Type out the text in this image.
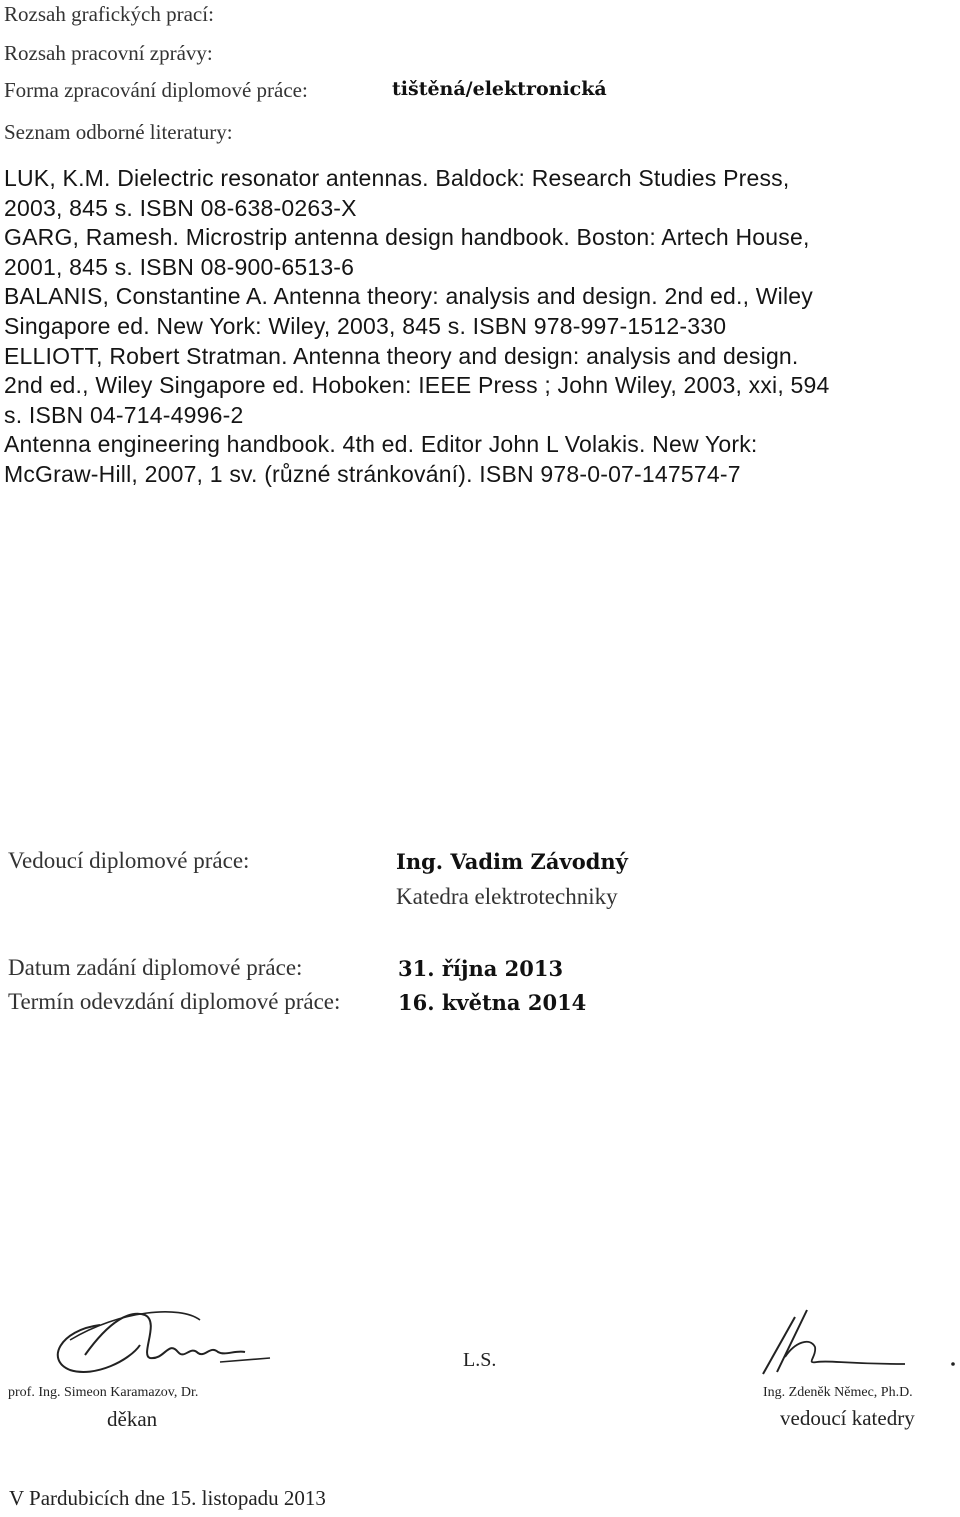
Rozsah grafických prací:
Rozsah pracovní zprávy:
Forma zpracování diplomové práce:	tištěná/elektronická
Seznam odborné literatury:
LUK, K.M. Dielectric resonator antennas. Baldock: Research Studies Press,
2003, 845 s. ISBN 08-638-0263-X
GARG, Ramesh. Microstrip antenna design handbook. Boston: Artech House,
2001, 845 s. ISBN 08-900-6513-6
BALANIS, Constantine A. Antenna theory: analysis and design. 2nd ed., Wiley
Singapore ed. New York: Wiley, 2003, 845 s. ISBN 978-997-1512-330
ELLIOTT, Robert Stratman. Antenna theory and design: analysis and design.
2nd ed., Wiley Singapore ed. Hoboken: IEEE Press ; John Wiley, 2003, xxi, 594
s. ISBN 04-714-4996-2
Antenna engineering handbook. 4th ed. Editor John L Volakis. New York:
McGraw-Hill, 2007, 1 sv. (různé stránkování). ISBN 978-0-07-147574-7
Vedoucí diplomové práce:	Ing. Vadim Závodný
Katedra elektrotechniky
Datum zadání diplomové práce:	31. října 2013
Termín odevzdání diplomové práce:	16. května 2014
prof. Ing. Simeon Karamazov, Dr.
děkan
L.S.
Ing. Zdeněk Němec, Ph.D.
vedoucí katedry
V Pardubicích dne 15. listopadu 2013
